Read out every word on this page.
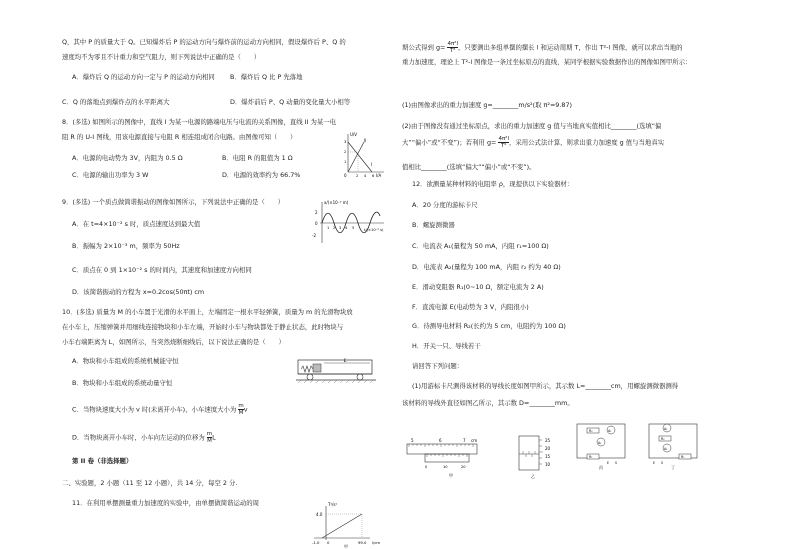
Q，其中 P 的质量大于 Q。已知爆炸后 P 的运动方向与爆炸前的运动方向相同，假设爆炸后 P、Q 的
速度均不为零且不计重力和空气阻力，则下列说法中正确的是（　　）
A．爆炸后 Q 的运动方向一定与 P 的运动方向相同 B．爆炸后 Q 比 P 先落地
C．Q 的落地点到爆炸点的水平距离大	D．爆炸前后 P、Q 动量的变化量大小相等
8．(多选) 如图所示的图像中，直线 I 为某一电源的路端电压与电流的关系图像，直线 II 为某一电
阻 R 的 U-I 图线，用该电源直接与电阻 R 相连组成闭合电路。由图像可知（　　）
A．电源的电动势为 3V，内阻为 0.5 Ω	B．电阻 R 的阻值为 1 Ω
C．电源的输出功率为 3 W	D．电源的效率约为 66.7%
U/V
I/A
0	2 4 6
1
2
3
I
II
9．(多选) 一个质点做简谐振动的图像如图所示，下列说法中正确的是（　　）
A．在 t=4×10⁻² s 时，质点速度达到最大值
B．振幅为 2×10⁻³ m，频率为 50Hz
C．质点在 0 到 1×10⁻² s 的时间内，其速度和加速度方向相同
D．该简谐振动的方程为 x=0.2cos(50πt) cm
x/(×10⁻³ m)
t/(×10⁻² s)
2
0
-2
1 2 3 4 5
10．(多选) 质量为 M 的小车置于光滑的水平面上，左端固定一根水平轻弹簧，质量为 m 的光滑物块放
在小车上，压缩弹簧并用细线连接物块和小车左端，开始时小车与物块都处于静止状态，此时物块与
小车右端距离为 L，如图所示，当突然烧断细线后，以下说法正确的是（　　）
A．物块和小车组成的系统机械能守恒
B．物块和小车组成的系统动量守恒
C．当物块速度大小为 v 时(未离开小车)，小车速度大小为 $\frac{m}{M}$ v
D．当物块离开小车时，小车向左运动的位移为 $\frac{m}{M}$ L
L
第 II 卷（非选择题）
二、实验题，2 小题（11 至 12 小题），共 14 分，每空 2 分.
11．在利用单摆测量重力加速度的实验中，由单摆做简谐运动的周	T²/s²
4.0
-1.0 0	99.0 l/cm
甲
期公式得到 $g= \frac{\text{4π²l}}{\text{T²}}$ ，只要测出多组单摆的摆长 l 和运动周期 T，作出 T²-l 图像，就可以求出当地的
重力加速度，理论上 T²-l 图像是一条过坐标原点的直线，某同学根据实验数据作出的图像如图甲所示：
(1)由图像求出的重力加速度 g=________m/s²(取 π²=9.87)
(2)由于图像没有通过坐标原点，求出的重力加速度 g 值与当地真实值相比________(选填“偏
大”“偏小”或“不变”)；若利用 $g= \frac{\text{4π²l}}{\text{T²}}$ ，采用公式法计算，则求出重力加速度 g 值与当地真实
值相比________(选填“偏大”“偏小”或“不变”)。
12．欲测量某种材料的电阻率 ρ，现提供以下实验器材：
A．20 分度的游标卡尺
B．螺旋测微器
C．电流表 A₁(量程为 50 mA，内阻 r₁=100 Ω)
D．电流表 A₂(量程为 100 mA，内阻 r₂ 约为 40 Ω)
E．滑动变阻器 R₁(0~10 Ω，额定电流为 2 A)
F．直流电源 E(电动势为 3 V，内阻很小)
G．待测导电材料 R₂(长约为 5 cm，电阻约为 100 Ω)
H．开关一只、导线若干
请回答下列问题：
(1)用游标卡尺测得该材料的导线长度如图甲所示，其示数 L=________cm，用螺旋测微器测得
该材料的导线外直径如图乙所示，其示数 D=________mm。
5	6	7 cm
0	10	20
甲
25
20
15
10
乙
R₂	A₁
A₂
R₁
E S
丙
A₁
R₂
A₂
R₁
E S
丁
